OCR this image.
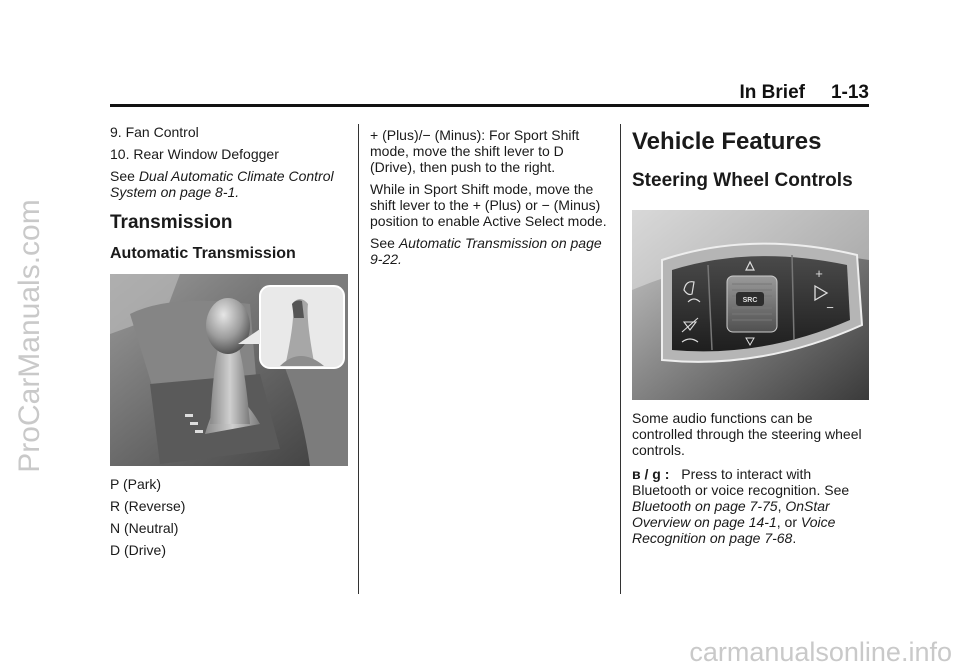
ProCarManuals.com
carmanualsonline.info
In Brief 1-13

9. Fan Control

10. Rear Window Defogger

See Dual Automatic Climate Control System on page 8-1.

Transmission
Automatic Transmission

P (Park)

R (Reverse)

N (Neutral)

D (Drive)

+ (Plus)/− (Minus): For Sport Shift mode, move the shift lever to D (Drive), then push to the right.

While in Sport Shift mode, move the shift lever to the + (Plus) or − (Minus) position to enable Active Select mode.

See Automatic Transmission on page 9-22.

Vehicle Features
Steering Wheel Controls
SRC
+
−

Some audio functions can be controlled through the steering wheel controls.

в / ɡ : Press to interact with Bluetooth or voice recognition. See Bluetooth on page 7-75, OnStar Overview on page 14-1, or Voice Recognition on page 7-68.
